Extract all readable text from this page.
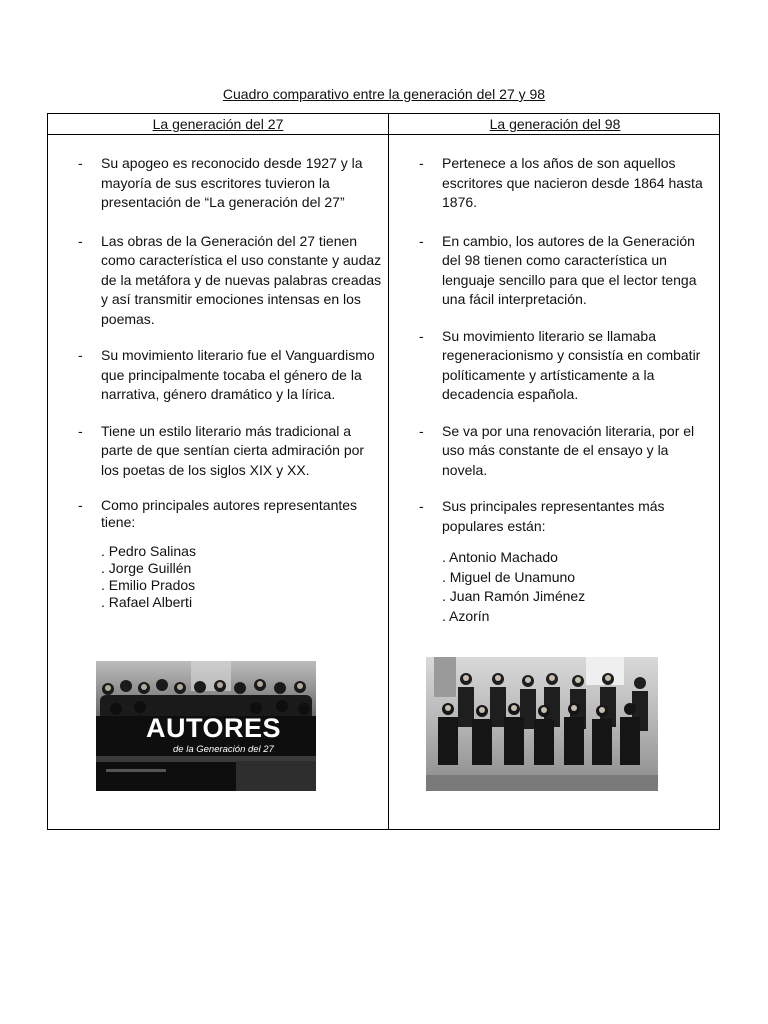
Cuadro comparativo entre la generación del 27 y 98
La generación del 27	La generación del 98
- Su apogeo es reconocido desde 1927 y la mayoría de sus escritores tuvieron la presentación de “La generación del 27”
- Las obras de la Generación del 27 tienen como característica el uso constante y audaz de la metáfora y de nuevas palabras creadas y así transmitir emociones intensas en los poemas.
- Su movimiento literario fue el Vanguardismo que principalmente tocaba el género de la narrativa, género dramático y la lírica.
- Tiene un estilo literario más tradicional a parte de que sentían cierta admiración por los poetas de los siglos XIX y XX.
- Como principales autores representantes tiene:
. Pedro Salinas
. Jorge Guillén
. Emilio Prados
. Rafael Alberti
- Pertenece a los años de son aquellos escritores que nacieron desde 1864 hasta 1876.
- En cambio, los autores de la Generación del 98 tienen como característica un lenguaje sencillo para que el lector tenga una fácil interpretación.
- Su movimiento literario se llamaba regeneracionismo y consistía en combatir políticamente y artísticamente a la decadencia española.
- Se va por una renovación literaria, por el uso más constante de el ensayo y la novela.
- Sus principales representantes más populares están:
. Antonio Machado
. Miguel de Unamuno
. Juan Ramón Jiménez
. Azorín
AUTORES
de la Generación del 27
